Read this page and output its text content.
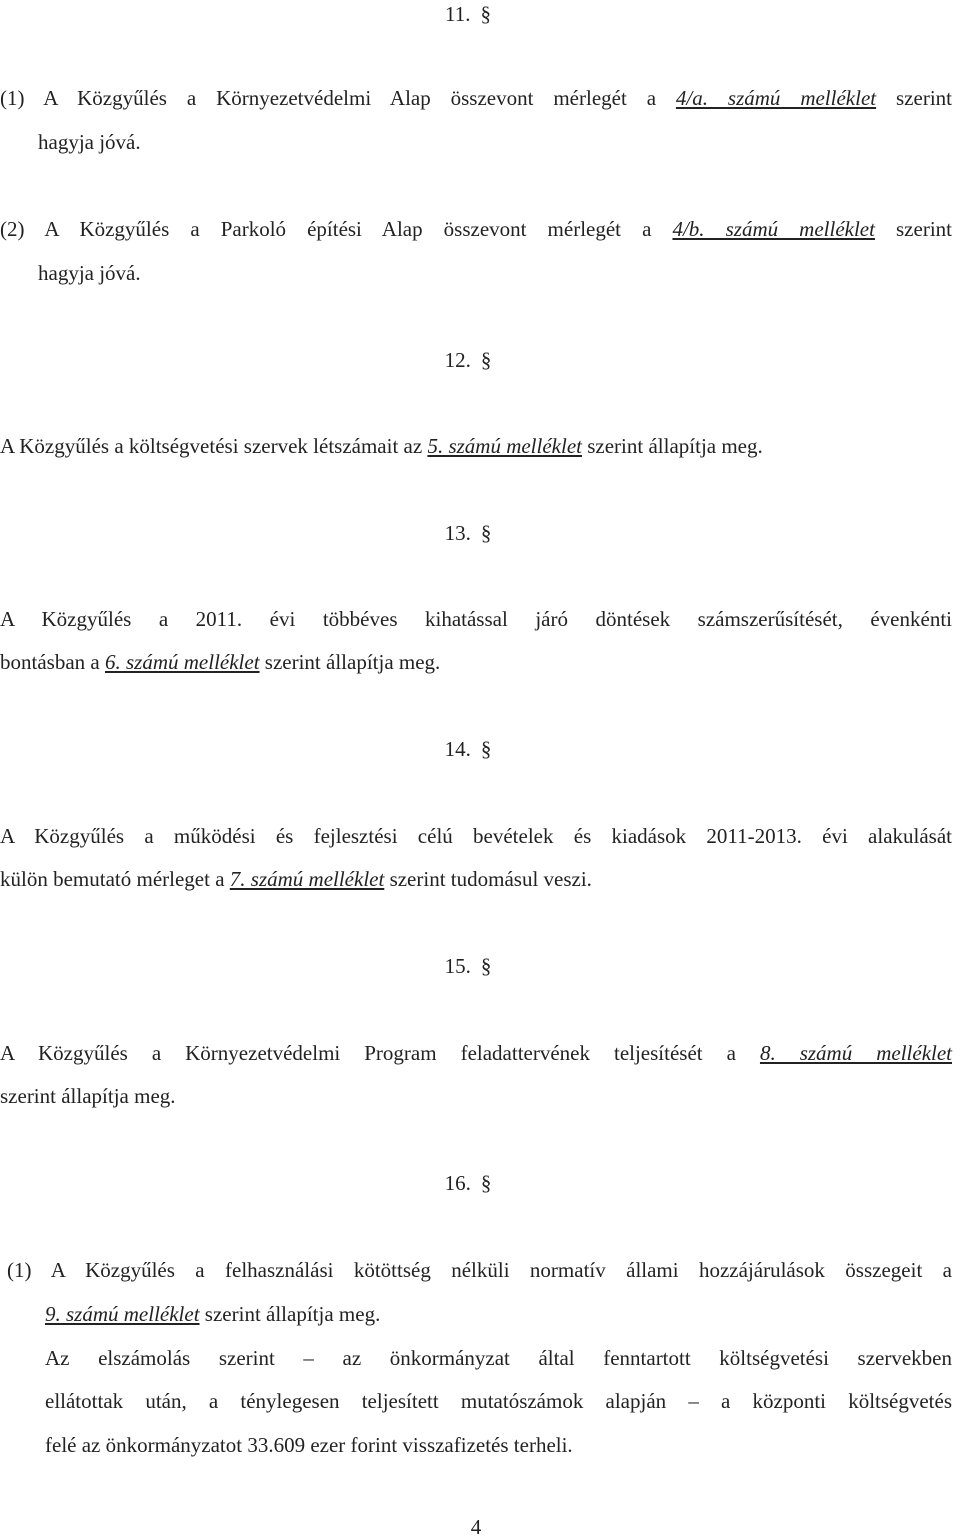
11. §
(1) A Közgyűlés a Környezetvédelmi Alap összevont mérlegét a 4/a. számú melléklet szerint
hagyja jóvá.
(2) A Közgyűlés a Parkoló építési Alap összevont mérlegét a 4/b. számú melléklet szerint
hagyja jóvá.
12. §
A Közgyűlés a költségvetési szervek létszámait az 5. számú melléklet szerint állapítja meg.
13. §
A Közgyűlés a 2011. évi többéves kihatással járó döntések számszerűsítését, évenkénti
bontásban a 6. számú melléklet szerint állapítja meg.
14. §
A Közgyűlés a működési és fejlesztési célú bevételek és kiadások 2011-2013. évi alakulását
külön bemutató mérleget a 7. számú melléklet szerint tudomásul veszi.
15. §
A Közgyűlés a Környezetvédelmi Program feladattervének teljesítését a 8. számú melléklet
szerint állapítja meg.
16. §
(1) A Közgyűlés a felhasználási kötöttség nélküli normatív állami hozzájárulások összegeit a
9. számú melléklet szerint állapítja meg.
Az elszámolás szerint – az önkormányzat által fenntartott költségvetési szervekben
ellátottak után, a ténylegesen teljesített mutatószámok alapján – a központi költségvetés
felé az önkormányzatot 33.609 ezer forint visszafizetés terheli.
4
